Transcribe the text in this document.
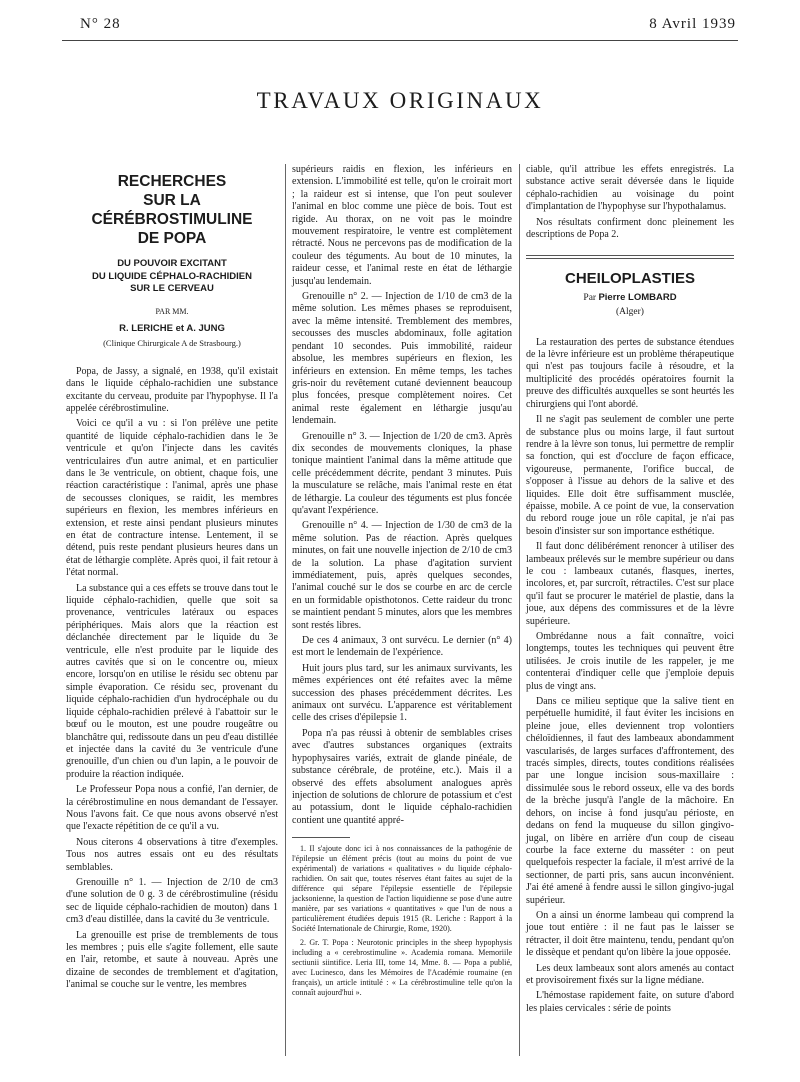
N° 28	8 Avril 1939
TRAVAUX ORIGINAUX
RECHERCHES
SUR LA CÉRÉBROSTIMULINE
DE POPA
DU POUVOIR EXCITANT
DU LIQUIDE CÉPHALO-RACHIDIEN
SUR LE CERVEAU
PAR MM.
R. LERICHE et A. JUNG
(Clinique Chirurgicale A de Strasbourg.)

Popa, de Jassy, a signalé, en 1938, qu'il existait dans le liquide céphalo-rachidien une substance excitante du cerveau, produite par l'hypophyse. Il l'a appelée cérébrostimuline.

Voici ce qu'il a vu : si l'on prélève une petite quantité de liquide céphalo-rachidien dans le 3e ventricule et qu'on l'injecte dans les cavités ventriculaires d'un autre animal, et en particulier dans le 3e ventricule, on obtient, chaque fois, une réaction caractéristique : l'animal, après une phase de secousses cloniques, se raidit, les membres supérieurs en flexion, les membres inférieurs en extension, et reste ainsi pendant plusieurs minutes en état de contracture intense. Lentement, il se détend, puis reste pendant plusieurs heures dans un état de léthargie complète. Après quoi, il fait retour à l'état normal.

La substance qui a ces effets se trouve dans tout le liquide céphalo-rachidien, quelle que soit sa provenance, ventricules latéraux ou espaces périphériques. Mais alors que la réaction est déclanchée directement par le liquide du 3e ventricule, elle n'est produite par le liquide des autres cavités que si on le concentre ou, mieux encore, lorsqu'on en utilise le résidu sec obtenu par simple évaporation. Ce résidu sec, provenant du liquide céphalo-rachidien d'un hydrocéphale ou du liquide céphalo-rachidien prélevé à l'abattoir sur le bœuf ou le mouton, est une poudre rougeâtre ou blanchâtre qui, redissoute dans un peu d'eau distillée et injectée dans la cavité du 3e ventricule d'une grenouille, d'un chien ou d'un lapin, a le pouvoir de produire la réaction indiquée.

Le Professeur Popa nous a confié, l'an dernier, de la cérébrostimuline en nous demandant de l'essayer. Nous l'avons fait. Ce que nous avons observé n'est que l'exacte répétition de ce qu'il a vu.

Nous citerons 4 observations à titre d'exemples. Tous nos autres essais ont eu des résultats semblables.

Grenouille n° 1. — Injection de 2/10 de cm3 d'une solution de 0 g. 3 de cérébrostimuline (résidu sec de liquide céphalo-rachidien de mouton) dans 1 cm3 d'eau distillée, dans la cavité du 3e ventricule.

La grenouille est prise de tremblements de tous les membres ; puis elle s'agite follement, elle saute en l'air, retombe, et saute à nouveau. Après une dizaine de secondes de tremblement et d'agitation, l'animal se couche sur le ventre, les membres

supérieurs raidis en flexion, les inférieurs en extension. L'immobilité est telle, qu'on le croirait mort ; la raideur est si intense, que l'on peut soulever l'animal en bloc comme une pièce de bois. Tout est rigide. Au thorax, on ne voit pas le moindre mouvement respiratoire, le ventre est complètement rétracté. Nous ne percevons pas de modification de la couleur des téguments. Au bout de 10 minutes, la raideur cesse, et l'animal reste en état de léthargie jusqu'au lendemain.

Grenouille n° 2. — Injection de 1/10 de cm3 de la même solution. Les mêmes phases se reproduisent, avec la même intensité. Tremblement des membres, secousses des muscles abdominaux, folle agitation pendant 10 secondes. Puis immobilité, raideur absolue, les membres supérieurs en flexion, les inférieurs en extension. En même temps, les taches gris-noir du revêtement cutané deviennent beaucoup plus foncées, presque complètement noires. Cet animal reste également en léthargie jusqu'au lendemain.

Grenouille n° 3. — Injection de 1/20 de cm3. Après dix secondes de mouvements cloniques, la phase tonique maintient l'animal dans la même attitude que celle précédemment décrite, pendant 3 minutes. Puis la musculature se relâche, mais l'animal reste en état de léthargie. La couleur des téguments est plus foncée qu'avant l'expérience.

Grenouille n° 4. — Injection de 1/30 de cm3 de la même solution. Pas de réaction. Après quelques minutes, on fait une nouvelle injection de 2/10 de cm3 de la solution. La phase d'agitation survient immédiatement, puis, après quelques secondes, l'animal couché sur le dos se courbe en arc de cercle en un formidable opisthotonos. Cette raideur du tronc se maintient pendant 5 minutes, alors que les membres sont restés libres.

De ces 4 animaux, 3 ont survécu. Le dernier (n° 4) est mort le lendemain de l'expérience.

Huit jours plus tard, sur les animaux survivants, les mêmes expériences ont été refaites avec la même succession des phases précédemment décrites. Les animaux ont survécu. L'apparence est véritablement celle des crises d'épilepsie 1.

Popa n'a pas réussi à obtenir de semblables crises avec d'autres substances organiques (extraits hypophysaires variés, extrait de glande pinéale, de substance cérébrale, de protéine, etc.). Mais il a observé des effets absolument analogues après injection de solutions de chlorure de potassium et c'est au potassium, dont le liquide céphalo-rachidien contient une quantité appré-

1. Il s'ajoute donc ici à nos connaissances de la pathogénie de l'épilepsie un élément précis (tout au moins du point de vue expérimental) de variations « qualitatives » du liquide céphalo-rachidien. On sait que, toutes réserves étant faites au sujet de la différence qui sépare l'épilepsie essentielle de l'épilepsie jacksonienne, la question de l'action liquidienne se pose d'une autre manière, par ses variations « quantitatives » que l'un de nous a particulièrement étudiées depuis 1915 (R. Leriche : Rapport à la Société Internationale de Chirurgie, Rome, 1920).

2. Gr. T. Popa : Neurotonic principles in the sheep hypophysis including a « cerebrostimuline ». Academia romana. Memoriile sectiunii siintifice. Leria III, tome 14, Mme. 8. — Popa a publié, avec Lucinesco, dans les Mémoires de l'Académie roumaine (en français), un article intitulé : « La cérébrostimuline telle qu'on la connaît aujourd'hui ».

ciable, qu'il attribue les effets enregistrés. La substance active serait déversée dans le liquide céphalo-rachidien au voisinage du point d'implantation de l'hypophyse sur l'hypothalamus.

Nos résultats confirment donc pleinement les descriptions de Popa 2.

CHEILOPLASTIES
Par Pierre LOMBARD
(Alger)

La restauration des pertes de substance étendues de la lèvre inférieure est un problème thérapeutique qui n'est pas toujours facile à résoudre, et la multiplicité des procédés opératoires fournit la preuve des difficultés auxquelles se sont heurtés les chirurgiens qui l'ont abordé.

Il ne s'agit pas seulement de combler une perte de substance plus ou moins large, il faut surtout rendre à la lèvre son tonus, lui permettre de remplir sa fonction, qui est d'occlure de façon efficace, vigoureuse, permanente, l'orifice buccal, de s'opposer à l'issue au dehors de la salive et des liquides. Elle doit être suffisamment musclée, épaisse, mobile. A ce point de vue, la conservation du rebord rouge joue un rôle capital, je n'ai pas besoin d'insister sur son importance esthétique.

Il faut donc délibérément renoncer à utiliser des lambeaux prélevés sur le membre supérieur ou dans le cou : lambeaux cutanés, flasques, inertes, incolores, et, par surcroît, rétractiles. C'est sur place qu'il faut se procurer le matériel de plastie, dans la joue, aux dépens des commissures et de la lèvre supérieure.

Ombrédanne nous a fait connaître, voici longtemps, toutes les techniques qui peuvent être utilisées. Je crois inutile de les rappeler, je me contenterai d'indiquer celle que j'emploie depuis plus de vingt ans.

Dans ce milieu septique que la salive tient en perpétuelle humidité, il faut éviter les incisions en pleine joue, elles deviennent trop volontiers chéloïdiennes, il faut des lambeaux abondamment vascularisés, de larges surfaces d'affrontement, des tracés simples, directs, toutes conditions réalisées par une longue incision sous-maxillaire : dissimulée sous le rebord osseux, elle va des bords de la brèche jusqu'à l'angle de la mâchoire. En dehors, on incise à fond jusqu'au périoste, en dedans on fend la muqueuse du sillon gingivo-jugal, on libère en arrière d'un coup de ciseau courbe la face externe du masséter : on peut quelquefois respecter la faciale, il m'est arrivé de la sectionner, de parti pris, sans aucun inconvénient. J'ai été amené à fendre aussi le sillon gingivo-jugal supérieur.

On a ainsi un énorme lambeau qui comprend la joue tout entière : il ne faut pas le laisser se rétracter, il doit être maintenu, tendu, pendant qu'on le dissèque et pendant qu'on libère la joue opposée.

Les deux lambeaux sont alors amenés au contact et provisoirement fixés sur la ligne médiane.

L'hémostase rapidement faite, on suture d'abord les plaies cervicales : série de points
